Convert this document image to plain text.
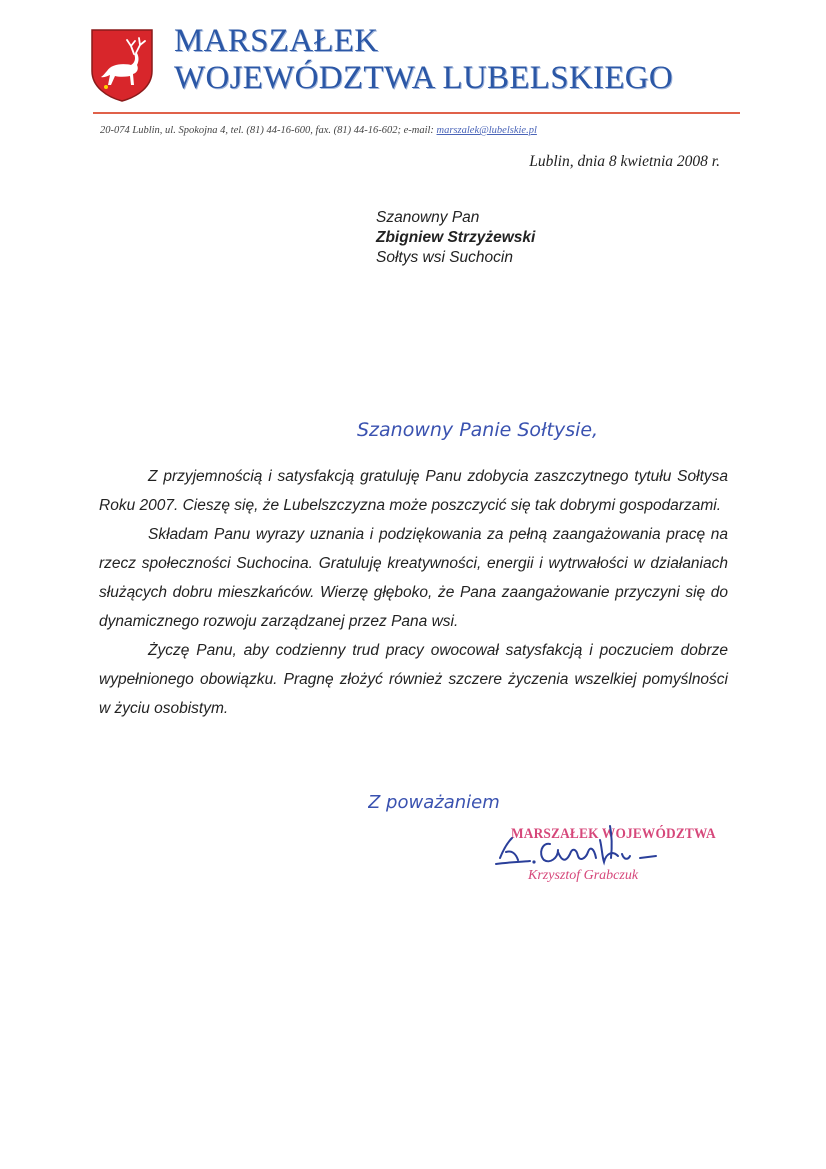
MARSZAŁEK
WOJEWÓDZTWA LUBELSKIEGO
20-074 Lublin, ul. Spokojna 4, tel. (81) 44-16-600, fax. (81) 44-16-602; e-mail: marszalek@lubelskie.pl
Lublin, dnia 8 kwietnia 2008 r.
Szanowny Pan
Zbigniew Strzyżewski
Sołtys wsi Suchocin
Szanowny Panie Sołtysie,

Z przyjemnością i satysfakcją gratuluję Panu zdobycia zaszczytnego tytułu Sołtysa Roku 2007. Cieszę się, że Lubelszczyzna może poszczycić się tak dobrymi gospodarzami.

Składam Panu wyrazy uznania i podziękowania za pełną zaangażowania pracę na rzecz społeczności Suchocina. Gratuluję kreatywności, energii i wytrwałości w działaniach służących dobru mieszkańców. Wierzę głęboko, że Pana zaangażowanie przyczyni się do dynamicznego rozwoju zarządzanej przez Pana wsi.

Życzę Panu, aby codzienny trud pracy owocował satysfakcją i poczuciem dobrze wypełnionego obowiązku. Pragnę złożyć również szczere życzenia wszelkiej pomyślności w życiu osobistym.

Z poważaniem
MARSZAŁEK WOJEWÓDZTWA
Krzysztof Grabczuk
